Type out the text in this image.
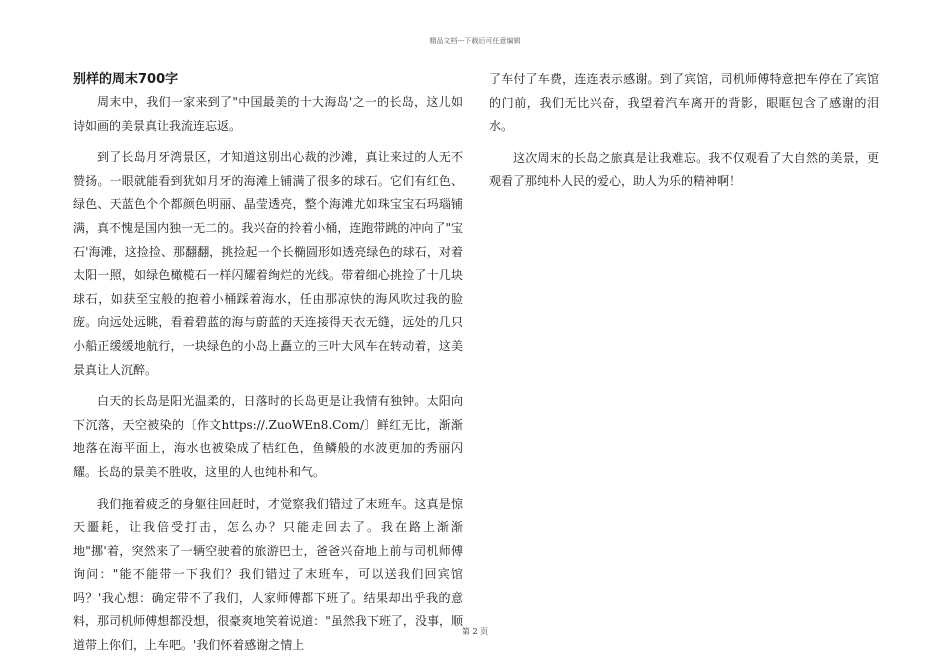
精品文档---下载后可任意编辑
别样的周末700字

周末中，我们一家来到了"中国最美的十大海岛'之一的长岛，这儿如诗如画的美景真让我流连忘返。

到了长岛月牙湾景区，才知道这别出心裁的沙滩，真让来过的人无不赞扬。一眼就能看到犹如月牙的海滩上铺满了很多的球石。它们有红色、绿色、天蓝色个个都颜色明丽、晶莹透亮，整个海滩尤如珠宝宝石玛瑙铺满，真不愧是国内独一无二的。我兴奋的拎着小桶，连跑带跳的冲向了"宝石'海滩，这捡捡、那翻翻，挑捡起一个长椭圆形如透亮绿色的球石，对着太阳一照，如绿色橄榄石一样闪耀着绚烂的光线。带着细心挑捡了十几块球石，如获至宝般的抱着小桶踩着海水，任由那凉快的海风吹过我的脸庞。向远处远眺，看着碧蓝的海与蔚蓝的天连接得天衣无缝，远处的几只小船正缓缓地航行，一块绿色的小岛上矗立的三叶大风车在转动着，这美景真让人沉醉。

白天的长岛是阳光温柔的，日落时的长岛更是让我情有独钟。太阳向下沉落，天空被染的〔作文https://.ZuoWEn8.Com/〕鲜红无比，渐渐地落在海平面上，海水也被染成了桔红色，鱼鳞般的水波更加的秀丽闪耀。长岛的景美不胜收，这里的人也纯朴和气。

我们拖着疲乏的身躯往回赶时，才觉察我们错过了末班车。这真是惊天噩耗，让我倍受打击，怎么办？只能走回去了。我在路上渐渐地"挪'着，突然来了一辆空驶着的旅游巴士，爸爸兴奋地上前与司机师傅询问："能不能带一下我们？我们错过了末班车，可以送我们回宾馆吗？'我心想：确定带不了我们，人家师傅都下班了。结果却出乎我的意料，那司机师傅想都没想，很豪爽地笑着说道："虽然我下班了，没事，顺道带上你们，上车吧。'我们怀着感谢之情上

了车付了车费，连连表示感谢。到了宾馆，司机师傅特意把车停在了宾馆的门前，我们无比兴奋，我望着汽车离开的背影，眼眶包含了感谢的泪水。

这次周末的长岛之旅真是让我难忘。我不仅观看了大自然的美景，更观看了那纯朴人民的爱心，助人为乐的精神啊！

第 2 页
